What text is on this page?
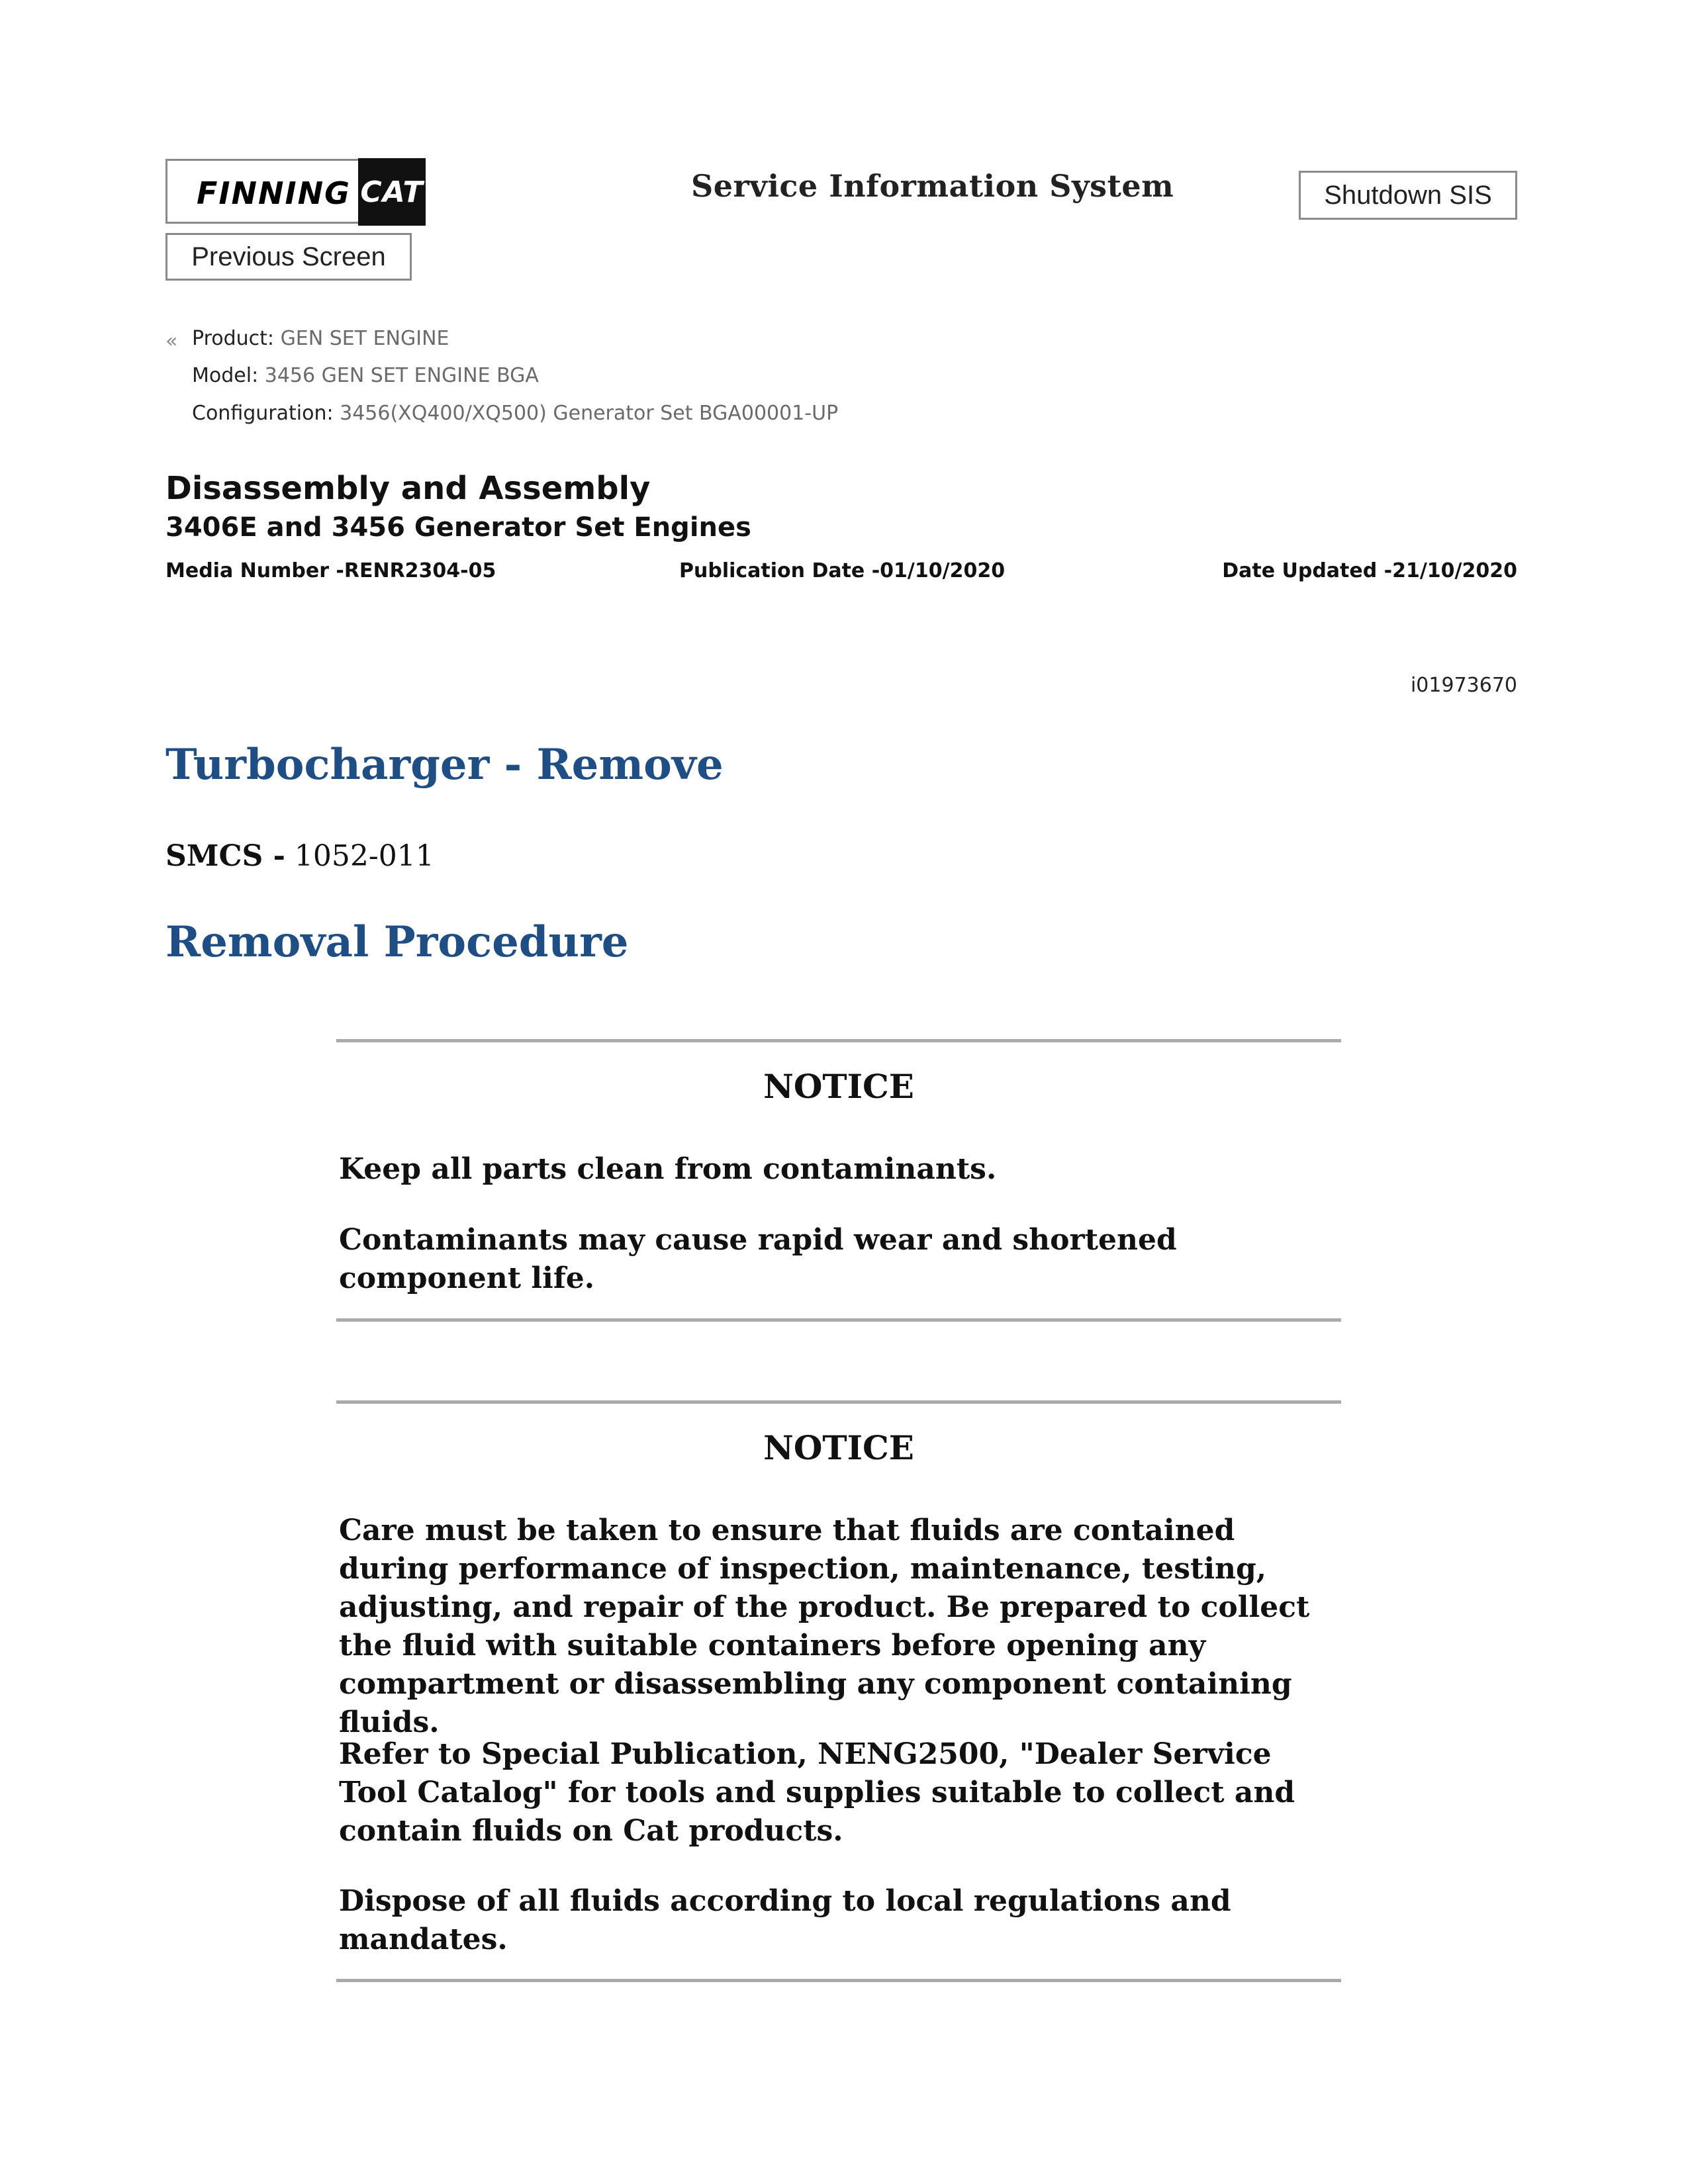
FINNING CAT	Service Information System	Shutdown SIS
Previous Screen
« Product: GEN SET ENGINE
Model: 3456 GEN SET ENGINE BGA
Configuration: 3456(XQ400/XQ500) Generator Set BGA00001-UP
Disassembly and Assembly
3406E and 3456 Generator Set Engines
Media Number -RENR2304-05	Publication Date -01/10/2020	Date Updated -21/10/2020
i01973670
Turbocharger - Remove
SMCS - 1052-011
Removal Procedure
NOTICE

Keep all parts clean from contaminants.

Contaminants may cause rapid wear and shortened component life.

NOTICE

Care must be taken to ensure that fluids are contained during performance of inspection, maintenance, testing, adjusting, and repair of the product. Be prepared to collect the fluid with suitable containers before opening any compartment or disassembling any component containing fluids.

Refer to Special Publication, NENG2500, "Dealer Service Tool Catalog" for tools and supplies suitable to collect and contain fluids on Cat products.

Dispose of all fluids according to local regulations and mandates.
